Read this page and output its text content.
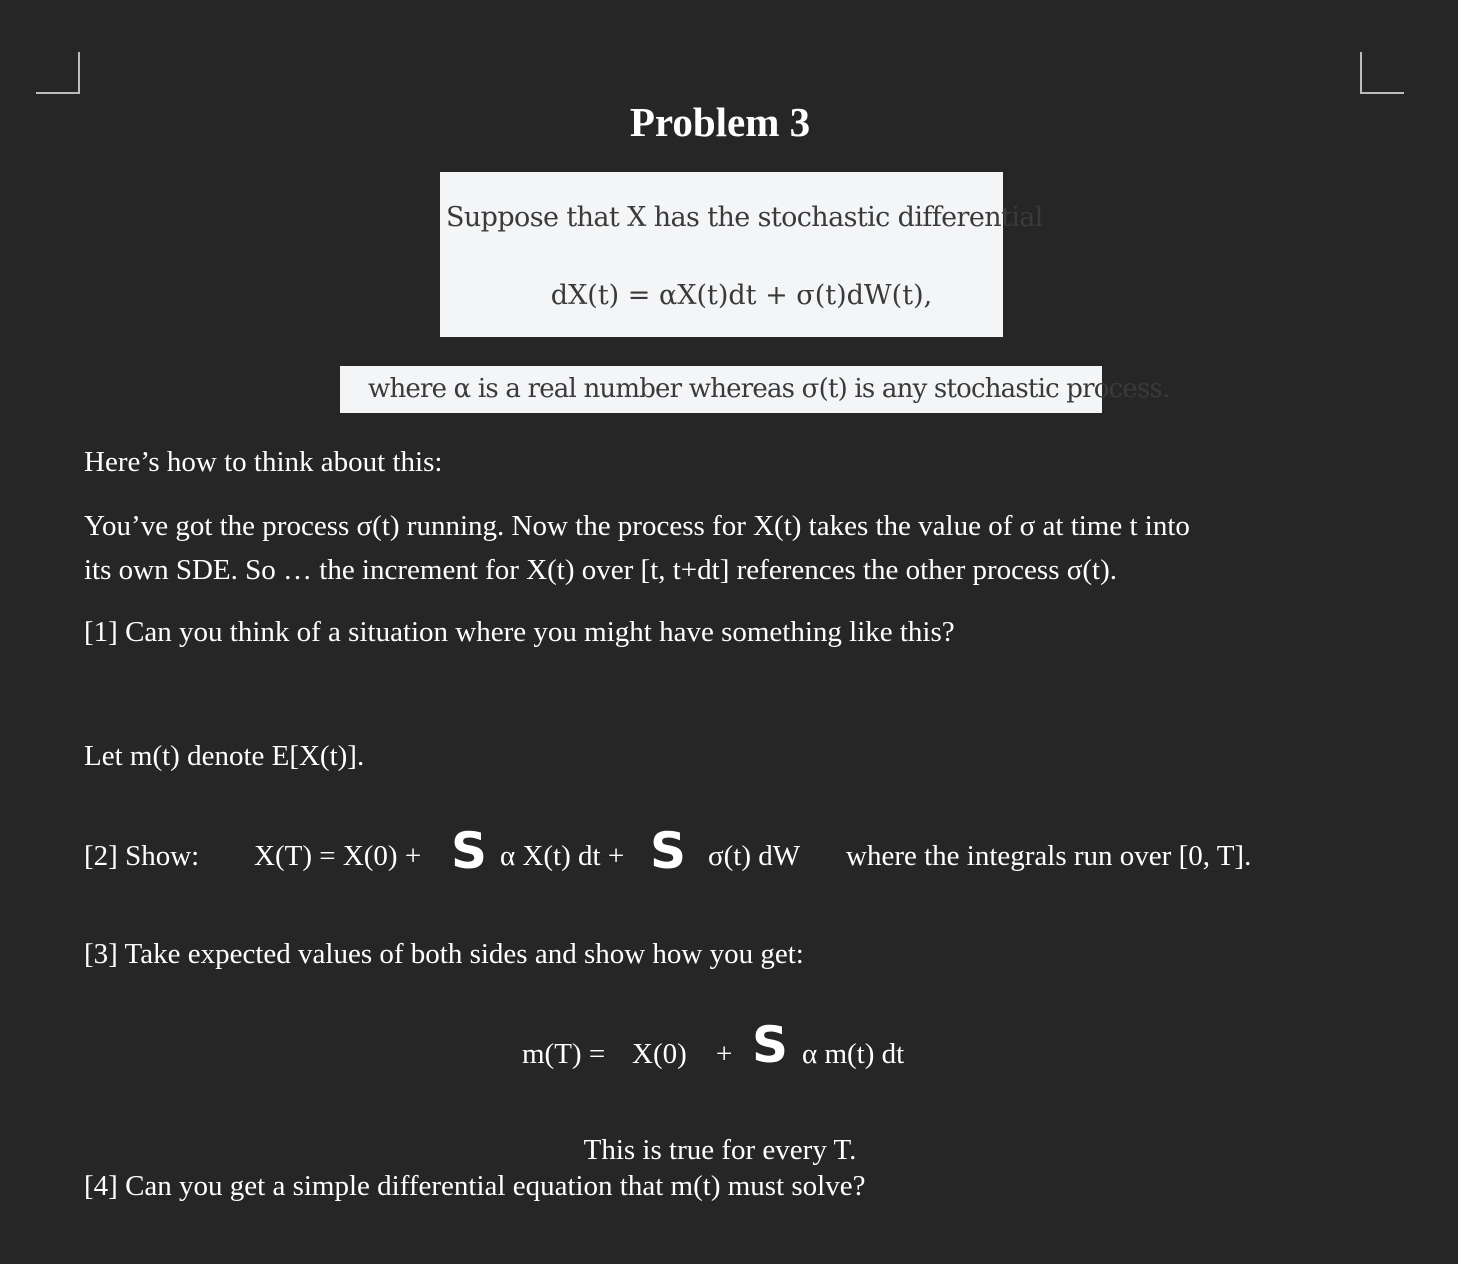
Problem 3
Suppose that X has the stochastic differential
dX(t) = αX(t)dt + σ(t)dW(t),
where α is a real number whereas σ(t) is any stochastic process.
Here’s how to think about this:
You’ve got the process σ(t) running. Now the process for X(t) takes the value of σ at time t into
its own SDE. So … the increment for X(t) over [t, t+dt] references the other process σ(t).
[1] Can you think of a situation where you might have something like this?
Let m(t) denote E[X(t)].
[2] Show: X(T) = X(0) + S α X(t) dt + S σ(t) dW where the integrals run over [0, T].
[3] Take expected values of both sides and show how you get:
m(T) = X(0) + S α m(t) dt
This is true for every T.
[4] Can you get a simple differential equation that m(t) must solve?
